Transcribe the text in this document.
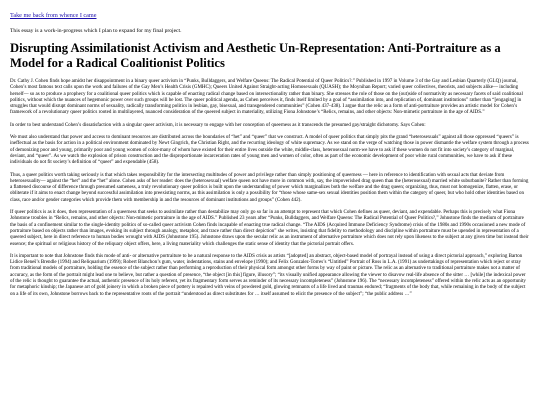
Take me back from whence I came
This essay is a work-in-progress which I plan to expand for my final project.
Disrupting Assimilationist Activism and Aesthetic Un-Representation: Anti-Portraiture as a Model for a Radical Coalitionist Politics

Dr. Cathy J. Cohen finds hope amidst her disappointment in a binary queer activism in “Punks, Bulldaggers, and Welfare Queens: The Radical Potential of Queer Politics?.” Published in 1997 in Volume 3 of the Gay and Lesbian Quarterly (GLQ) journal, Cohen’s most famous text calls upon the work and failures of the Gay Men’s Health Crisis (GMHC); Queers United Against Straight-acting Homosexuals (QUASH); the Moynihan Report; varied queer collectives, theorists, and subjects alike— including herself— so as to produce a prophecy for a coalitional queer politics which is capable of enacting radical change based on intersectionality rather than binary. She stresses the role of those on the (out)side of normativity as necessary facets of said coalitional politics, without which the nuances of hegemonic power over such groups will be lost. The queer political agenda, as Cohen perceives it, finds itself limited by a goal of “assimilation into, and replication of, dominant institutions” rather than “[engaging] in struggles that would disrupt dominant norms of sexuality, radically transforming politics in lesbian, gay, bisexual, and transgendered communities” (Cohen 437-438). I argue that the relic as a form of anti-portraiture provides an artistic model for Cohen’s framework of a revolutionary queer politics rooted in multilayered, nuanced consideration of the queered subject in materiality, utilizing Fiona Johnstone’s “Relics, remains, and other objects: Non-mimetic portraiture in the age of AIDS.”

In order to best understand Cohen’s dissatisfaction with a singular queer activism, it is necessary to engage with her conception of queerness as it transcends the presumed gay/straight dichotomy. Says Cohen:

We must also understand that power and access to dominant resources are distributed across the boundaries of “het” and “queer” that we construct. A model of queer politics that simply pits the grand “heterosexuals” against all those oppressed “queers” is ineffectual as the basis for action in a political environment dominated by Newt Gingrich, the Christian Right, and the recurring ideology of white supremacy. As we stand on the verge of watching those in power dismantle the welfare system through a process of demonizing poor and young, primarily poor and young women of color-many of whom have existed for their entire lives outside the white, middle-class, heterosexual norm-we have to ask if these women do not fit into society’s category of marginal, deviant, and “queer”. As we watch the explosion of prison construction and the disproportionate incarceration rates of young men and women of color, often as part of the economic development of poor white rural communities, we have to ask if these individuals do not fit society’s definition of “queer” and expendable (458).

Thus, a queer politics worth taking seriously is that which takes responsibility for the intersecting multitudes of power and privilege rather than simply positioning of queerness — here in reference to identification with sexual acts that deviate from heterosexuality— against the “het” and the “het” alone. Cohen asks of her reader: does the (heterosexual) welfare queen not have more in common with, say, the impoverished drag queen than the (heterosexual) married white suburbanite? Rather than forming a flattened discourse of difference through presumed sameness, a truly revolutionary queer politics is built upon the understanding of power which marginalizes both the welfare and the drag queen; organizing, thus, must not homogenize, flatten, erase, or obliterate if it aims to enact change beyond successful assimilation into preexisting norms, as this assimilation is only a possibility for “those whose same-sex sexual identities position them within the category of queer, but who hold other identities based on class, race and/or gender categories which provide them with membership in and the resources of dominant institutions and groups” (Cohen 442).

If queer politics is as it does, then representation of a queerness that seeks to assimilate rather than destabilize may only go so far in an attempt to represent that which Cohen defines as queer, deviant, and expendable. Perhaps this is precisely what Fiona Johnstone troubles in “Relics, remains, and other objects: Non-mimetic portraiture in the age of AIDS.” Published 23 years after “Punks, Bulldaggers, and Welfare Queens: The Radical Potential of Queer Politics?,” Johnstone finds the medium of portraiture the basis of a confinement similar to the single-identity politics of so-called queer activism Cohen finds incapable of enacting true radical change. “The AIDS (Acquired Immune Deficiency Syndrome) crisis of the 1980s and 1990s occasioned a new mode of portraiture based on objects rather than images, evoking its subject through analogy, metaphor, and trace rather than direct depiction” she writes, insisting that fidelity to methodology and discipline within portraiture must be upended in representation of a queered subject, here in direct reference to human bodies wrought with AIDS (Johnstone 195). Johnstone draws upon the secular relic as an instrument of alternative portraiture which does not rely upon likeness to the subject at any given time but instead their essence; the spiritual or religious history of the reliquary object offers, here, a living materiality which challenges the static sense of identity that the pictorial portrait offers.

It is important to note that Johnstone finds this mode of anti- or alternative portraiture to be a natural response to the AIDS crisis as artists “[adopted] an abstract, object-based model of portrayal instead of using a direct pictorial approach,” exploring Barton Lidice Beneš’s Brendle (1994) and Reliquarium (1999); Robert Blanchon’s gum, water, indentations, stains and envelope (1990); and Felix Gonzalez-Torres’s “Untitled” Portrait of Ross in L.A. (1991) as undertakings of representation which reject or stray from traditional models of portraiture, holding the essence of the subject rather than performing a reproduction of their physical form amongst other forms by way of paint or picture. The relic as an alternative to traditional portraiture makes not a matter of accuracy, as the form of the portrait might lead one to believe, but rather a question of presence, “the object [in this] figure, illusory”; “its visually unified appearance allowing the viewer to disavow real-life absence of the sitter … [while] the indexical power of the relic is thought to guarantee the actual, authentic presence of its holy referent, yet its fragmentary form serves as reminder of its necessary incompleteness” (Johnstone 196). The “necessary incompleteness” offered within the relic acts as an opportunity for metaphoric kinship; the Japanese art of gold joinery in which a broken piece of pottery is repaired with veins of powdered gold, glowing remnants of a life lived and traumas endured; “fragments of the body that, while remaining in the body of the subject on a life of its own, Johnstone borrows back to the representative roots of the portrait “understood as direct substitutes for … itself assumed to elicit the presence of the subject”; “the public address …”
